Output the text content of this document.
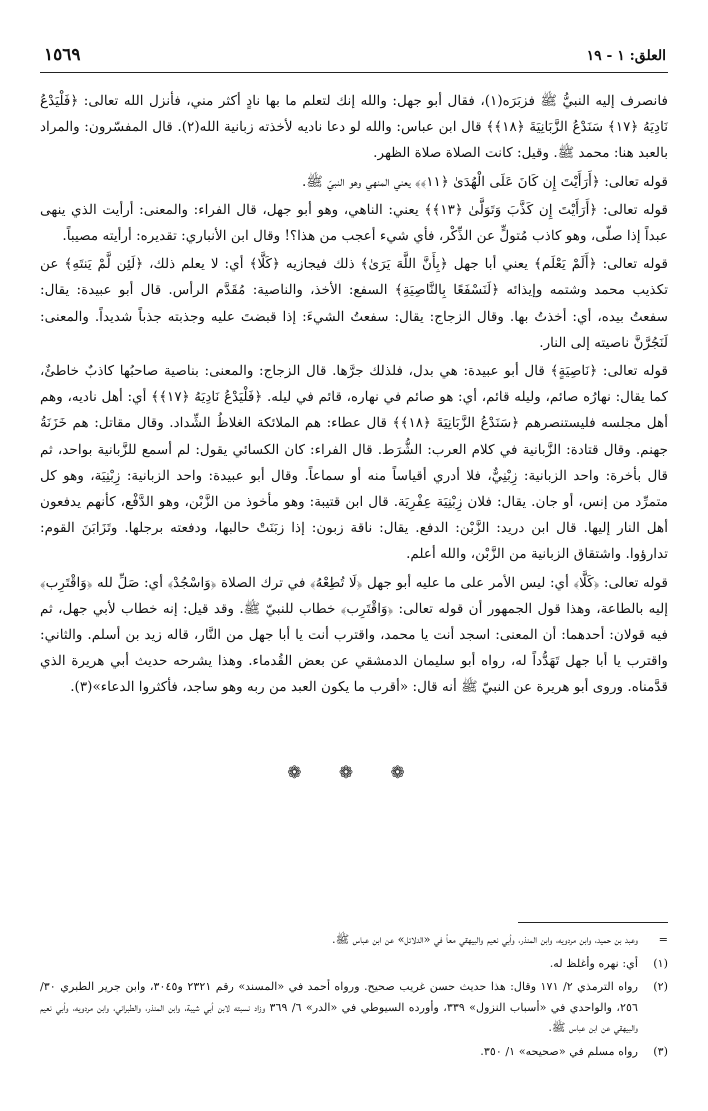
العلق: ١ - ١٩
١٥٦٩

فانصرف إليه النبيُّ ﷺ فزبَرَه(١)، فقال أبو جهل: والله إنك لتعلم ما بها نادٍ أكثر مني، فأنزل الله تعالى: ﴿فَلْيَدْعُ نَادِيَهُ ﴿١٧﴾ سَنَدْعُ الزَّبَانِيَةَ ﴿١٨﴾﴾ قال ابن عباس: والله لو دعا ناديه لأخذته زبانية الله(٢). قال المفسّرون: والمراد بالعبد هنا: محمد ﷺ. وقيل: كانت الصلاة صلاة الظهر.

قوله تعالى: ﴿أَرَأَيْتَ إِن كَانَ عَلَى الْهُدَىٰ ﴿١١﴾﴾ يعني المنهي وهو النبيّ ﷺ.

قوله تعالى: ﴿أَرَأَيْتَ إِن كَذَّبَ وَتَوَلَّىٰ ﴿١٣﴾﴾ يعني: الناهي، وهو أبو جهل، قال الفراء: والمعنى: أرأيت الذي ينهى عبداً إذا صلّى، وهو كاذب مُتولٍّ عن الذِّكْر، فأي شيء أعجب من هذا؟! وقال ابن الأنباري: تقديره: أرأيته مصيباً.

قوله تعالى: ﴿أَلَمْ يَعْلَم﴾ يعني أبا جهل ﴿بِأَنَّ اللَّهَ يَرَىٰ﴾ ذلك فيجازيه ﴿كَلَّا﴾ أي: لا يعلم ذلك، ﴿لَئِن لَّمْ يَنتَهِ﴾ عن تكذيب محمد وشتمه وإيذائه ﴿لَنَسْفَعًا بِالنَّاصِيَةِ﴾ السفع: الأخذ، والناصية: مُقَدَّم الرأس. قال أبو عبيدة: يقال: سفعتُ بيده، أي: أخذتُ بها. وقال الزجاج: يقال: سفعتُ الشيءَ: إذا قبضتَ عليه وجذبته جذباً شديداً. والمعنى: لَنَجُرَّنَّ ناصيته إلى النار.

قوله تعالى: ﴿نَاصِيَةٍ﴾ قال أبو عبيدة: هي بدل، فلذلك جرَّها. قال الزجاج: والمعنى: بناصية صاحبُها كاذبٌ خاطئٌ، كما يقال: نهارُه صائم، وليله قائم، أي: هو صائم في نهاره، قائم في ليله. ﴿فَلْيَدْعُ نَادِيَهُ ﴿١٧﴾﴾ أي: أهل ناديه، وهم أهل مجلسه فليستنصرهم ﴿سَنَدْعُ الزَّبَانِيَةَ ﴿١٨﴾﴾ قال عطاء: هم الملائكة الغلاظُ الشِّداد. وقال مقاتل: هم خَزَنَةُ جهنم. وقال قتادة: الزَّبانية في كلام العرب: الشُّرَط. قال الفراء: كان الكسائي يقول: لم أسمع للزَّبانية بواحد، ثم قال بأخرة: واحد الزبانية: زِبْنِيٌّ، فلا أدري أقياساً منه أو سماعاً. وقال أبو عبيدة: واحد الزبانية: زِبْنِيَة، وهو كل متمرِّد من إنس، أو جان. يقال: فلان زِبْنِيَة عِفْرِيَة. قال ابن قتيبة: وهو مأخوذ من الزَّبْن، وهو الدَّفْع، كأنهم يدفعون أهل النار إليها. قال ابن دريد: الزَّبْن: الدفع. يقال: ناقة زبون: إذا زبَنَتْ حالبها، ودفعته برجلها. وتَزَابَنَ القوم: تدارؤوا. واشتقاق الزبانية من الزَّبْن، والله أعلم.

قوله تعالى: ﴿كَلَّا﴾ أي: ليس الأمر على ما عليه أبو جهل ﴿لَا تُطِعْهُ﴾ في ترك الصلاة ﴿وَاسْجُدْ﴾ أي: صَلِّ لله ﴿وَاقْتَرِب﴾ إليه بالطاعة، وهذا قول الجمهور أن قوله تعالى: ﴿وَاقْتَرِب﴾ خطاب للنبيّ ﷺ. وقد قيل: إنه خطاب لأبي جهل، ثم فيه قولان: أحدهما: أن المعنى: اسجد أنت يا محمد، واقترب أنت يا أبا جهل من النَّار، قاله زيد بن أسلم. والثاني: واقترب يا أبا جهل تَهَدُّداً له، رواه أبو سليمان الدمشقي عن بعض القُدماء. وهذا يشرحه حديث أبي هريرة الذي قدَّمناه. وروى أبو هريرة عن النبيّ ﷺ أنه قال: «أقرب ما يكون العبد من ربه وهو ساجد، فأكثروا الدعاء»(٣).

❁ ❁ ❁
=
وعبد بن حميد، وابن مردويه، وابن المنذر، وأبي نعيم والبيهقي معاً في «الدلائل» عن ابن عباس ﷺ.
(١)
أي: نهره وأغلظ له.
(٢)
رواه الترمذي ٢/ ١٧١ وقال: هذا حديث حسن غريب صحيح. ورواه أحمد في «المسند» رقم ٢٣٢١ و٣٠٤٥، وابن جرير الطبري ٣٠/ ٢٥٦، والواحدي في «أسباب النزول» ٣٣٩، وأورده السيوطي في «الدر» ٦/ ٣٦٩ وزاد نسبته لابن أبي شيبة، وابن المنذر، والطبراني، وابن مردويه، وأبي نعيم والبيهقي عن ابن عباس ﷺ.
(٣)
رواه مسلم في «صحيحه» ١/ ٣٥٠.
